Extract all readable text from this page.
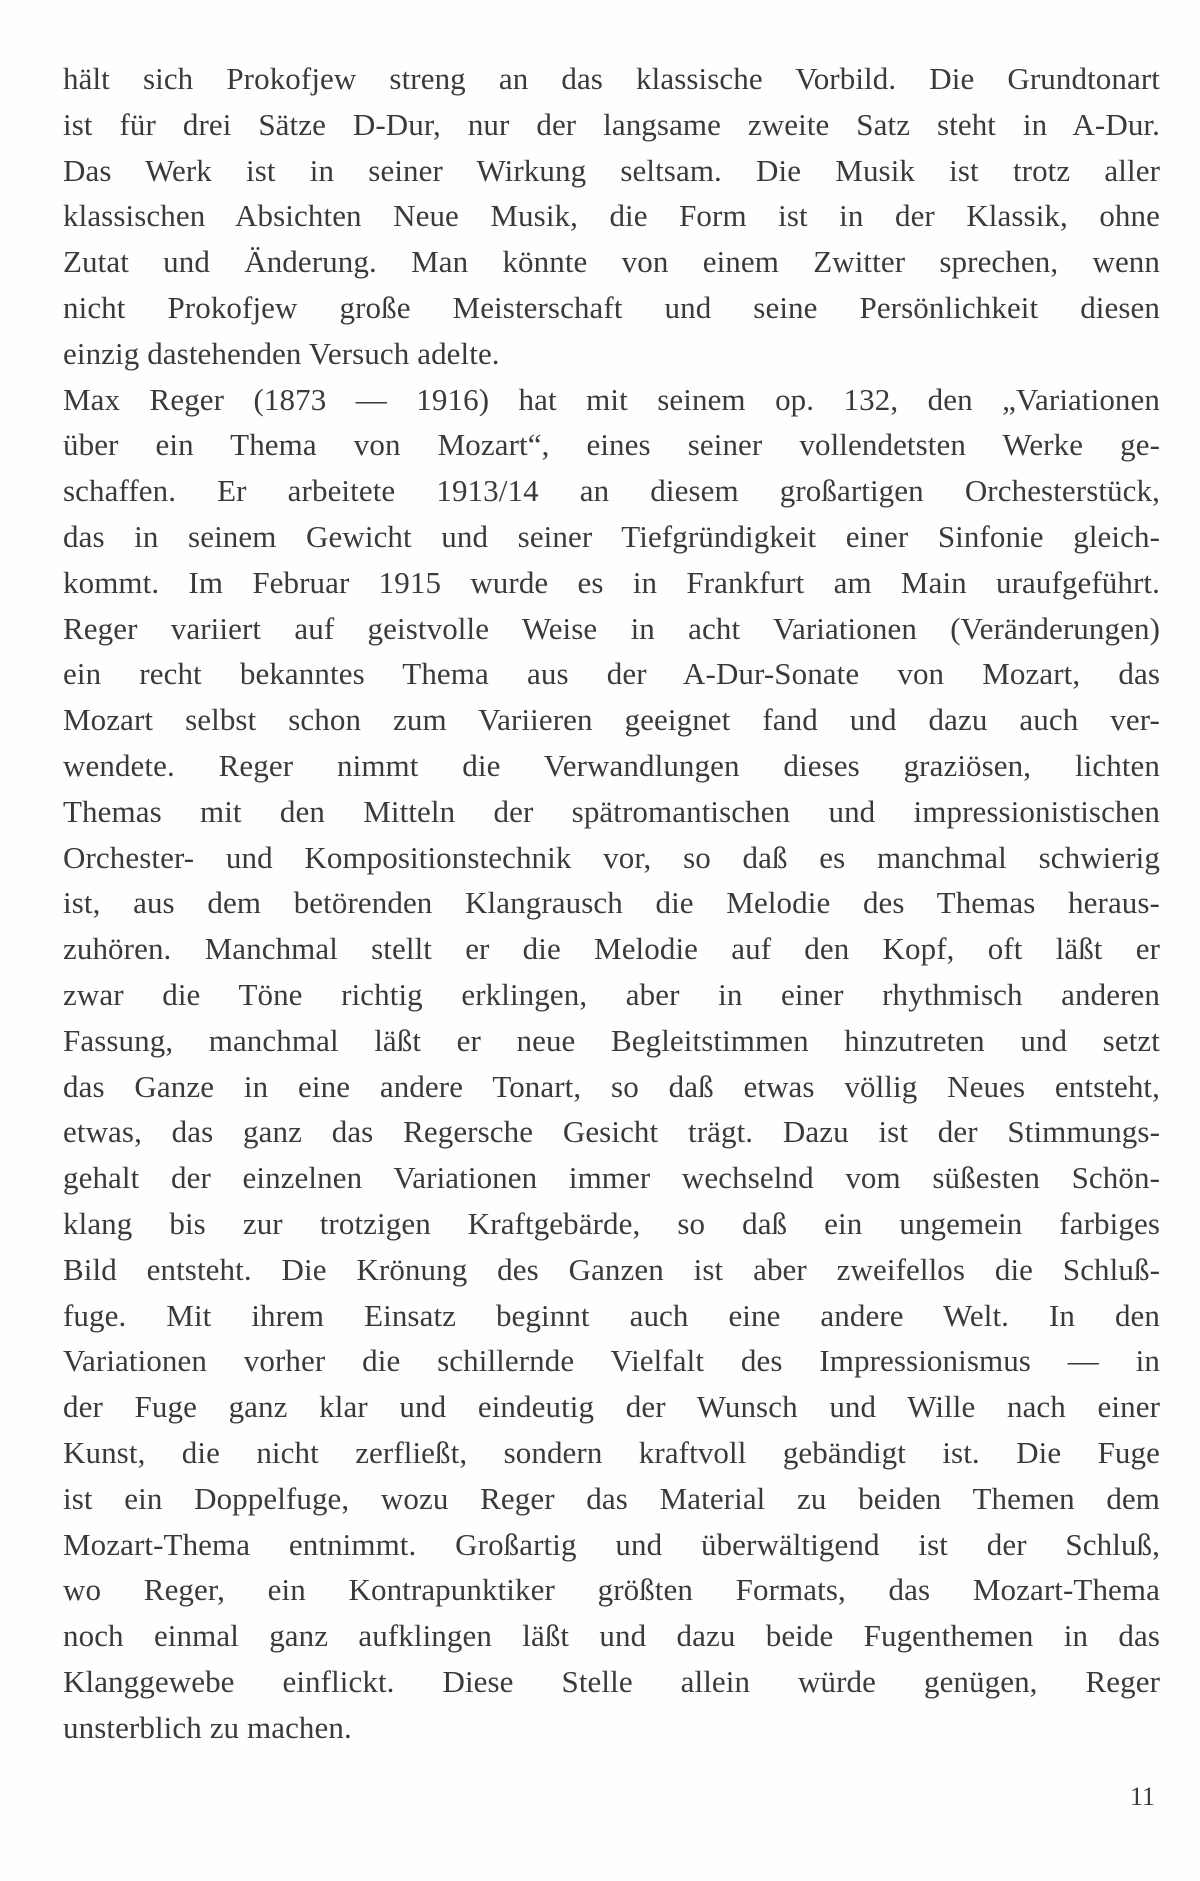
hält sich Prokofjew streng an das klassische Vorbild. Die Grundtonart
ist für drei Sätze D-Dur, nur der langsame zweite Satz steht in A-Dur.
Das Werk ist in seiner Wirkung seltsam. Die Musik ist trotz aller
klassischen Absichten Neue Musik, die Form ist in der Klassik, ohne
Zutat und Änderung. Man könnte von einem Zwitter sprechen, wenn
nicht Prokofjew große Meisterschaft und seine Persönlichkeit diesen
einzig dastehenden Versuch adelte.
Max Reger (1873 — 1916) hat mit seinem op. 132, den „Variationen
über ein Thema von Mozart“, eines seiner vollendetsten Werke ge-
schaffen. Er arbeitete 1913/14 an diesem großartigen Orchesterstück,
das in seinem Gewicht und seiner Tiefgründigkeit einer Sinfonie gleich-
kommt. Im Februar 1915 wurde es in Frankfurt am Main uraufgeführt.
Reger variiert auf geistvolle Weise in acht Variationen (Veränderungen)
ein recht bekanntes Thema aus der A-Dur-Sonate von Mozart, das
Mozart selbst schon zum Variieren geeignet fand und dazu auch ver-
wendete. Reger nimmt die Verwandlungen dieses graziösen, lichten
Themas mit den Mitteln der spätromantischen und impressionistischen
Orchester- und Kompositionstechnik vor, so daß es manchmal schwierig
ist, aus dem betörenden Klangrausch die Melodie des Themas heraus-
zuhören. Manchmal stellt er die Melodie auf den Kopf, oft läßt er
zwar die Töne richtig erklingen, aber in einer rhythmisch anderen
Fassung, manchmal läßt er neue Begleitstimmen hinzutreten und setzt
das Ganze in eine andere Tonart, so daß etwas völlig Neues entsteht,
etwas, das ganz das Regersche Gesicht trägt. Dazu ist der Stimmungs-
gehalt der einzelnen Variationen immer wechselnd vom süßesten Schön-
klang bis zur trotzigen Kraftgebärde, so daß ein ungemein farbiges
Bild entsteht. Die Krönung des Ganzen ist aber zweifellos die Schluß-
fuge. Mit ihrem Einsatz beginnt auch eine andere Welt. In den
Variationen vorher die schillernde Vielfalt des Impressionismus — in
der Fuge ganz klar und eindeutig der Wunsch und Wille nach einer
Kunst, die nicht zerfließt, sondern kraftvoll gebändigt ist. Die Fuge
ist ein Doppelfuge, wozu Reger das Material zu beiden Themen dem
Mozart-Thema entnimmt. Großartig und überwältigend ist der Schluß,
wo Reger, ein Kontrapunktiker größten Formats, das Mozart-Thema
noch einmal ganz aufklingen läßt und dazu beide Fugenthemen in das
Klanggewebe einflickt. Diese Stelle allein würde genügen, Reger
unsterblich zu machen.
11
